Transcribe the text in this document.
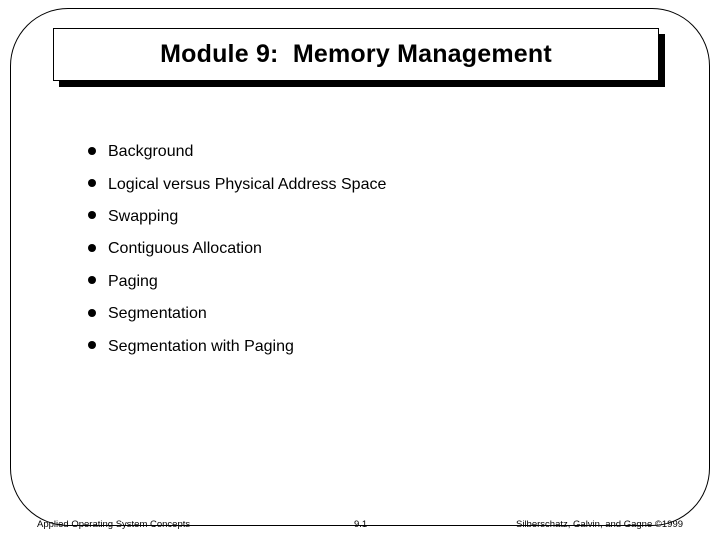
Module 9:  Memory Management
Background
Logical versus Physical Address Space
Swapping
Contiguous Allocation
Paging
Segmentation
Segmentation with Paging
Applied Operating System Concepts	9.1	Silberschatz, Galvin, and Gagne ©1999
